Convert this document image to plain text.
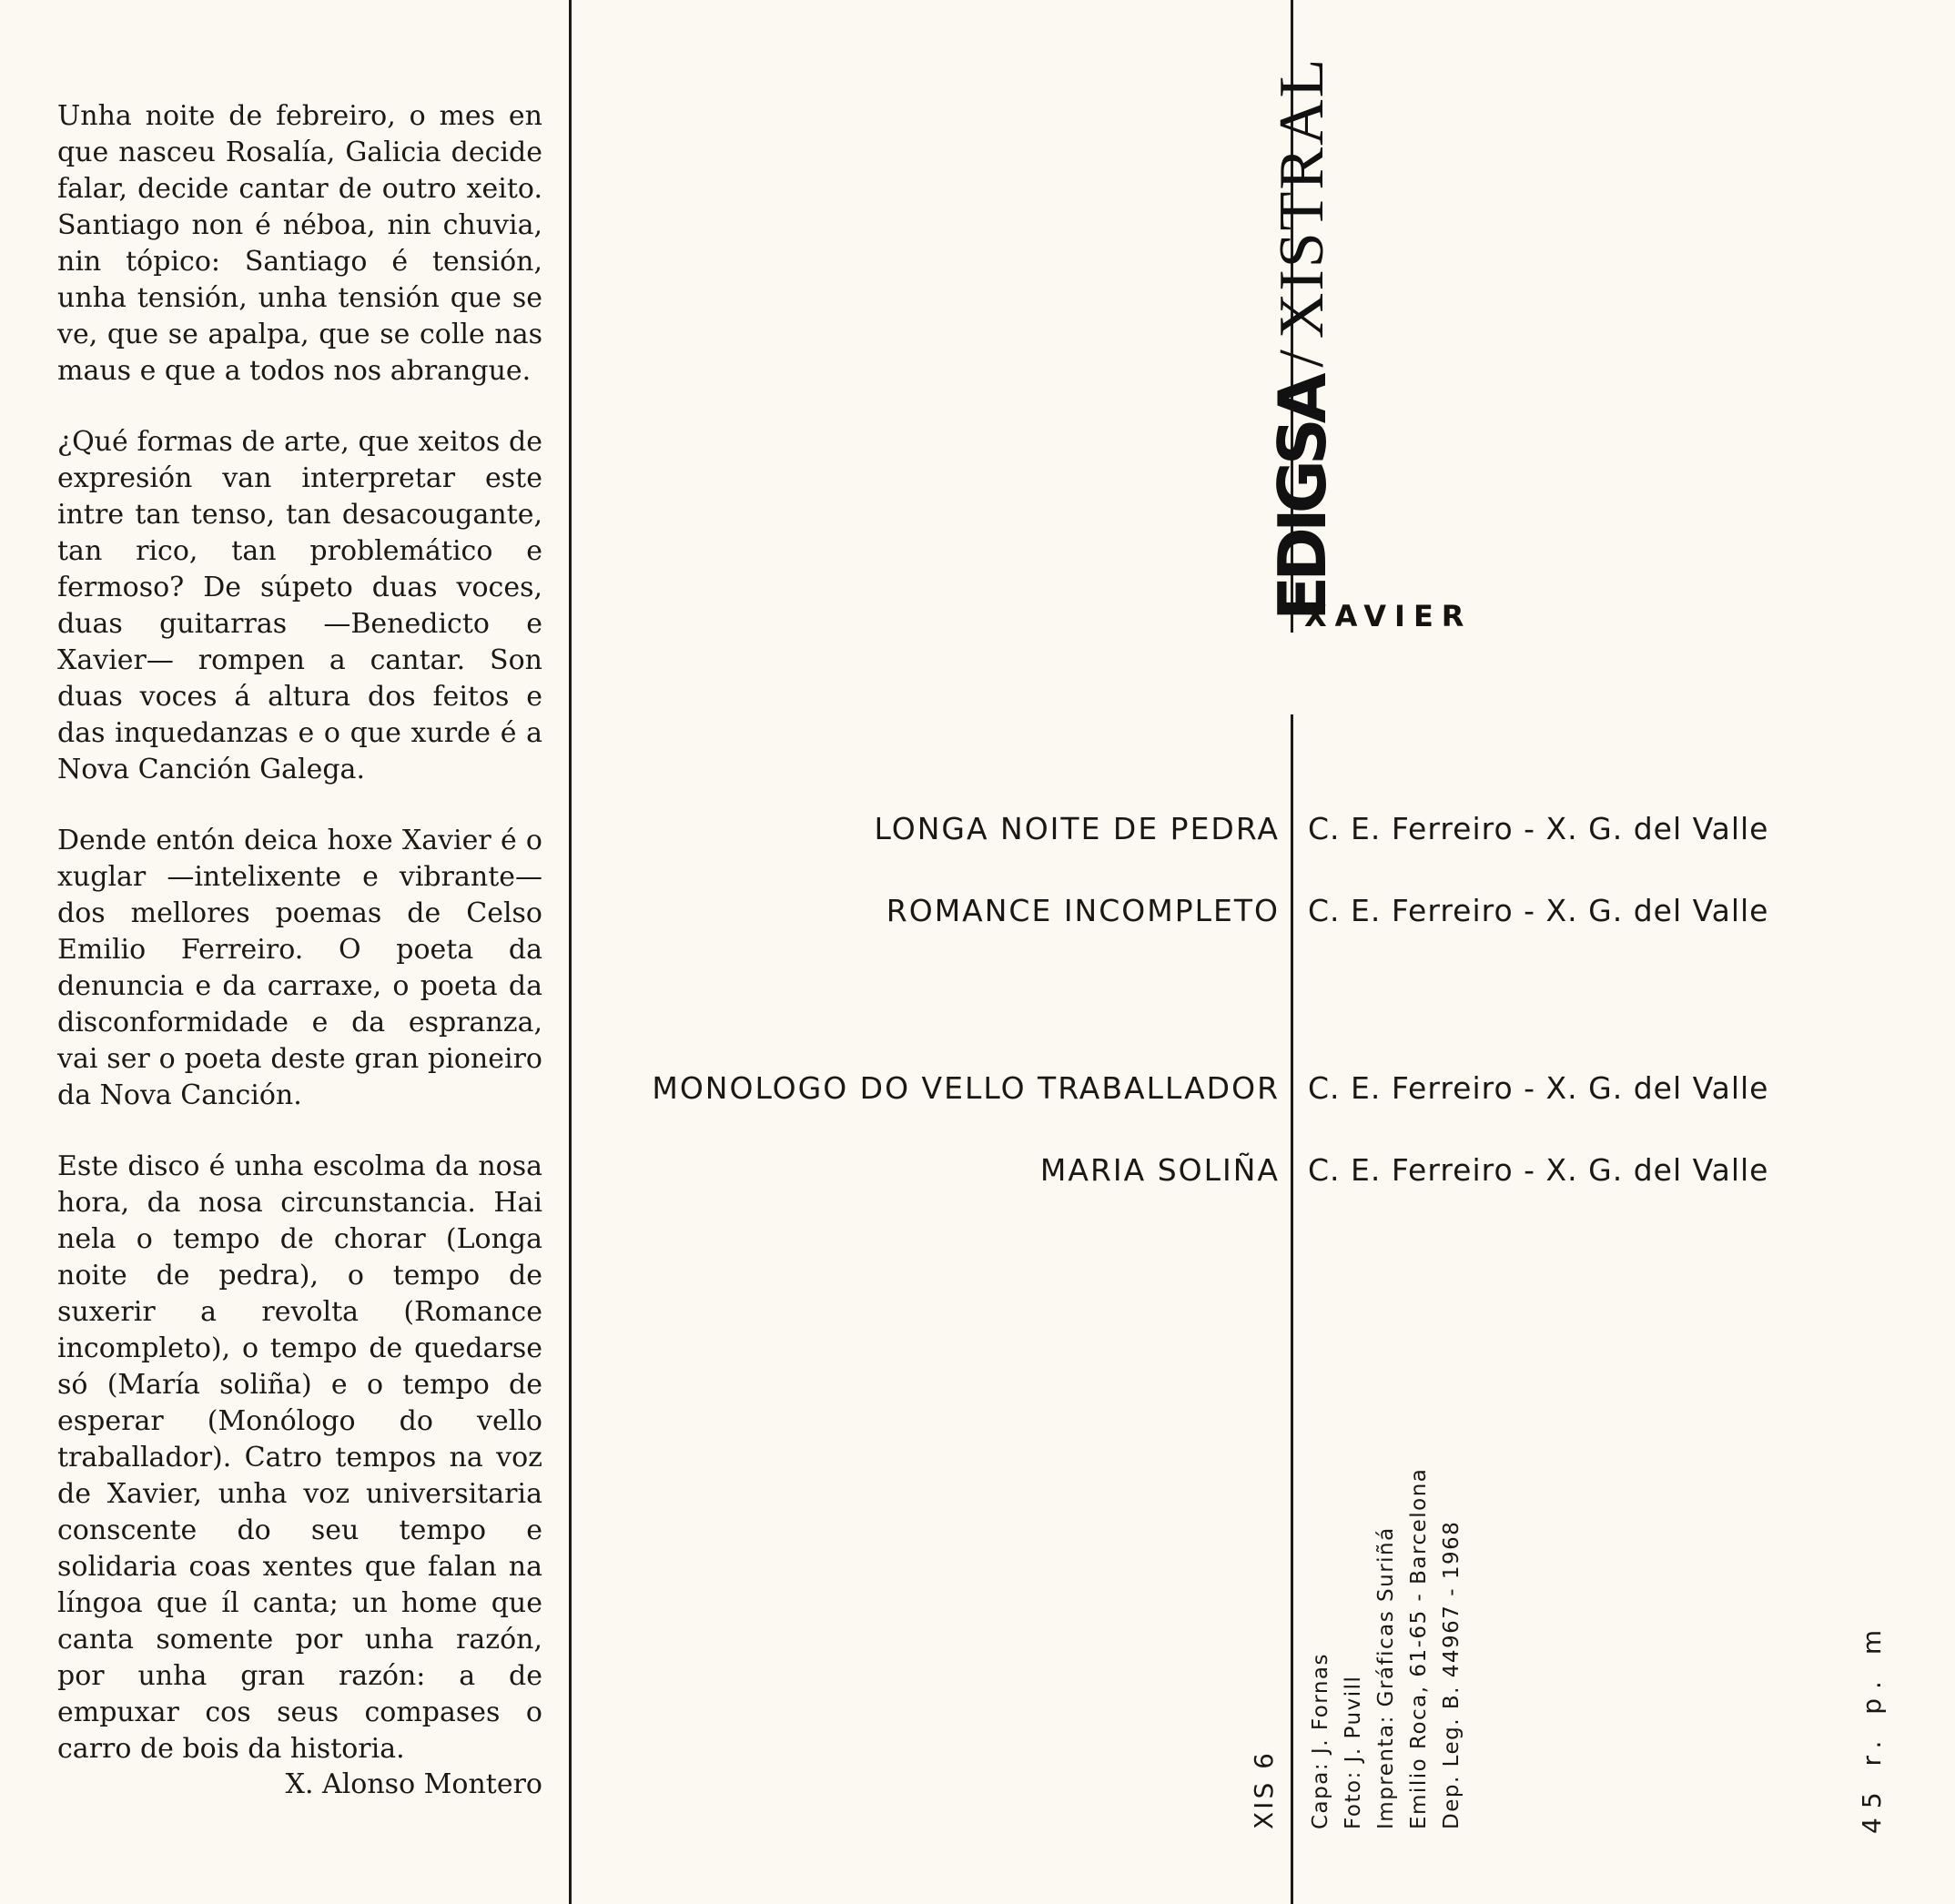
Unha noite de febreiro, o mes en que nasceu Rosalía, Galicia decide falar, decide cantar de outro xeito. Santiago non é néboa, nin chuvia, nin tópico: Santiago é tensión, unha tensión, unha tensión que se ve, que se apalpa, que se colle nas maus e que a todos nos abrangue.

¿Qué formas de arte, que xeitos de expresión van interpretar este intre tan tenso, tan desacougante, tan rico, tan problemático e fermoso? De súpeto duas voces, duas guitarras —Benedicto e Xavier— rompen a cantar. Son duas voces á altura dos feitos e das inquedanzas e o que xurde é a Nova Canción Galega.

Dende entón deica hoxe Xavier é o xuglar —intelixente e vibrante— dos mellores poemas de Celso Emilio Ferreiro. O poeta da denuncia e da carraxe, o poeta da disconformidade e da espranza, vai ser o poeta deste gran pioneiro da Nova Canción.

Este disco é unha escolma da nosa hora, da nosa circunstancia. Hai nela o tempo de chorar (Longa noite de pedra), o tempo de suxerir a revolta (Romance incompleto), o tempo de quedarse só (María soliña) e o tempo de esperar (Monólogo do vello traballador). Catro tempos na voz de Xavier, unha voz universitaria conscente do seu tempo e solidaria coas xentes que falan na língoa que íl canta; un home que canta somente por unha razón, por unha gran razón: a de empuxar cos seus compases o carro de bois da historia.

X. Alonso Montero
EDIGSA
/
XISTRAL
XAVIER
LONGA NOITE DE PEDRA C. E. Ferreiro - X. G. del Valle
ROMANCE INCOMPLETO C. E. Ferreiro - X. G. del Valle
MONOLOGO DO VELLO TRABALLADOR C. E. Ferreiro - X. G. del Valle
MARIA SOLIÑA C. E. Ferreiro - X. G. del Valle
XIS 6 Capa: J. Fornas Foto: J. Puvill Imprenta: Gráficas Suriñá Emilio Roca, 61-65 - Barcelona Dep. Leg. B. 44967 - 1968	45 r. p. m
